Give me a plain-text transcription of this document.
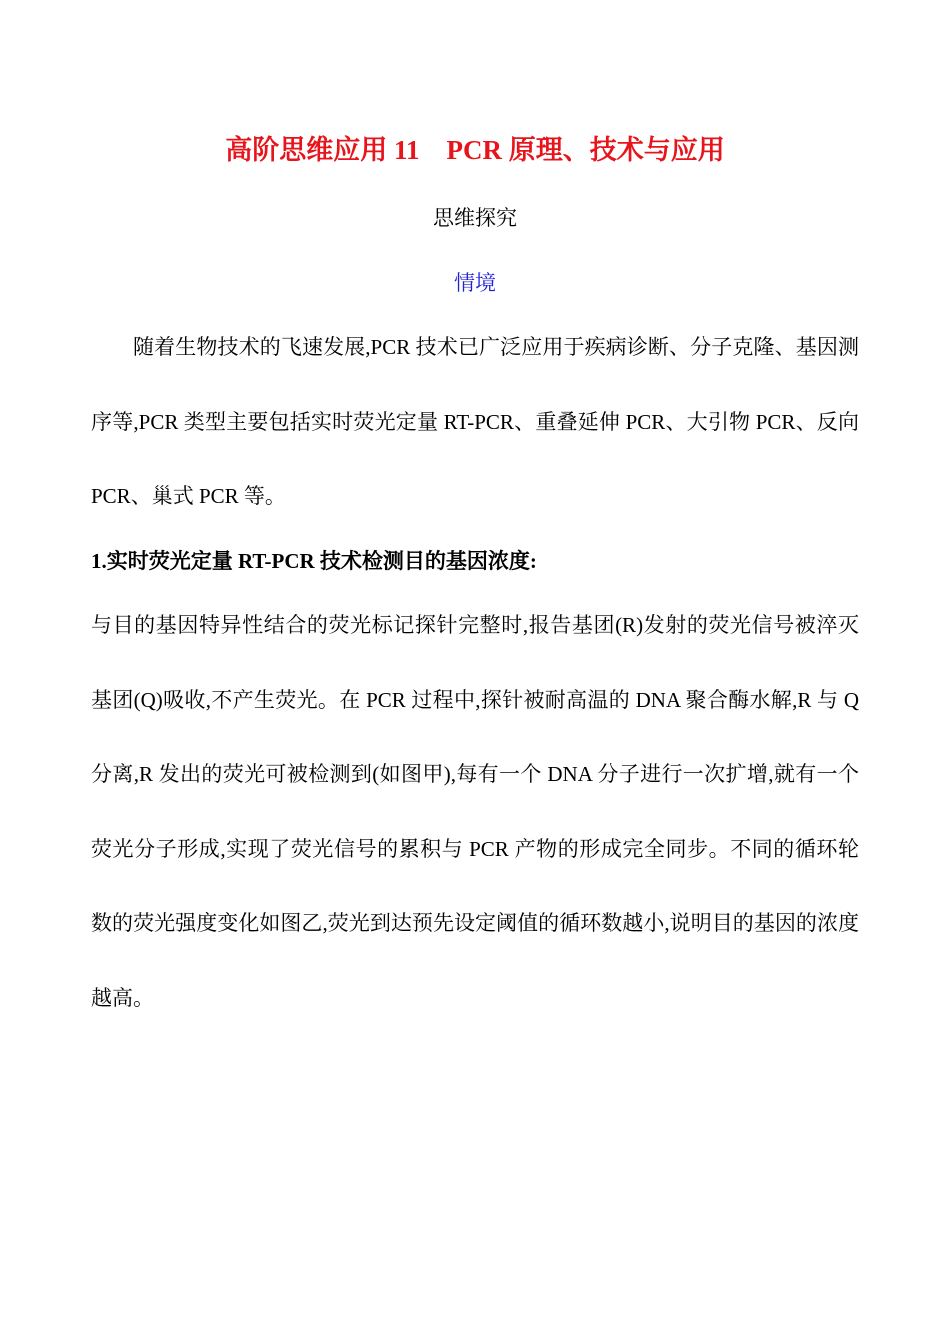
高阶思维应用 11　PCR 原理、技术与应用
思维探究
情境
随着生物技术的飞速发展,PCR 技术已广泛应用于疾病诊断、分子克隆、基因测序等,PCR 类型主要包括实时荧光定量 RT-PCR、重叠延伸 PCR、大引物 PCR、反向 PCR、巢式 PCR 等。
1.实时荧光定量 RT-PCR 技术检测目的基因浓度:
与目的基因特异性结合的荧光标记探针完整时,报告基团(R)发射的荧光信号被淬灭基团(Q)吸收,不产生荧光。在 PCR 过程中,探针被耐高温的 DNA 聚合酶水解,R 与 Q 分离,R 发出的荧光可被检测到(如图甲),每有一个 DNA 分子进行一次扩增,就有一个荧光分子形成,实现了荧光信号的累积与 PCR 产物的形成完全同步。不同的循环轮数的荧光强度变化如图乙,荧光到达预先设定阈值的循环数越小,说明目的基因的浓度越高。
